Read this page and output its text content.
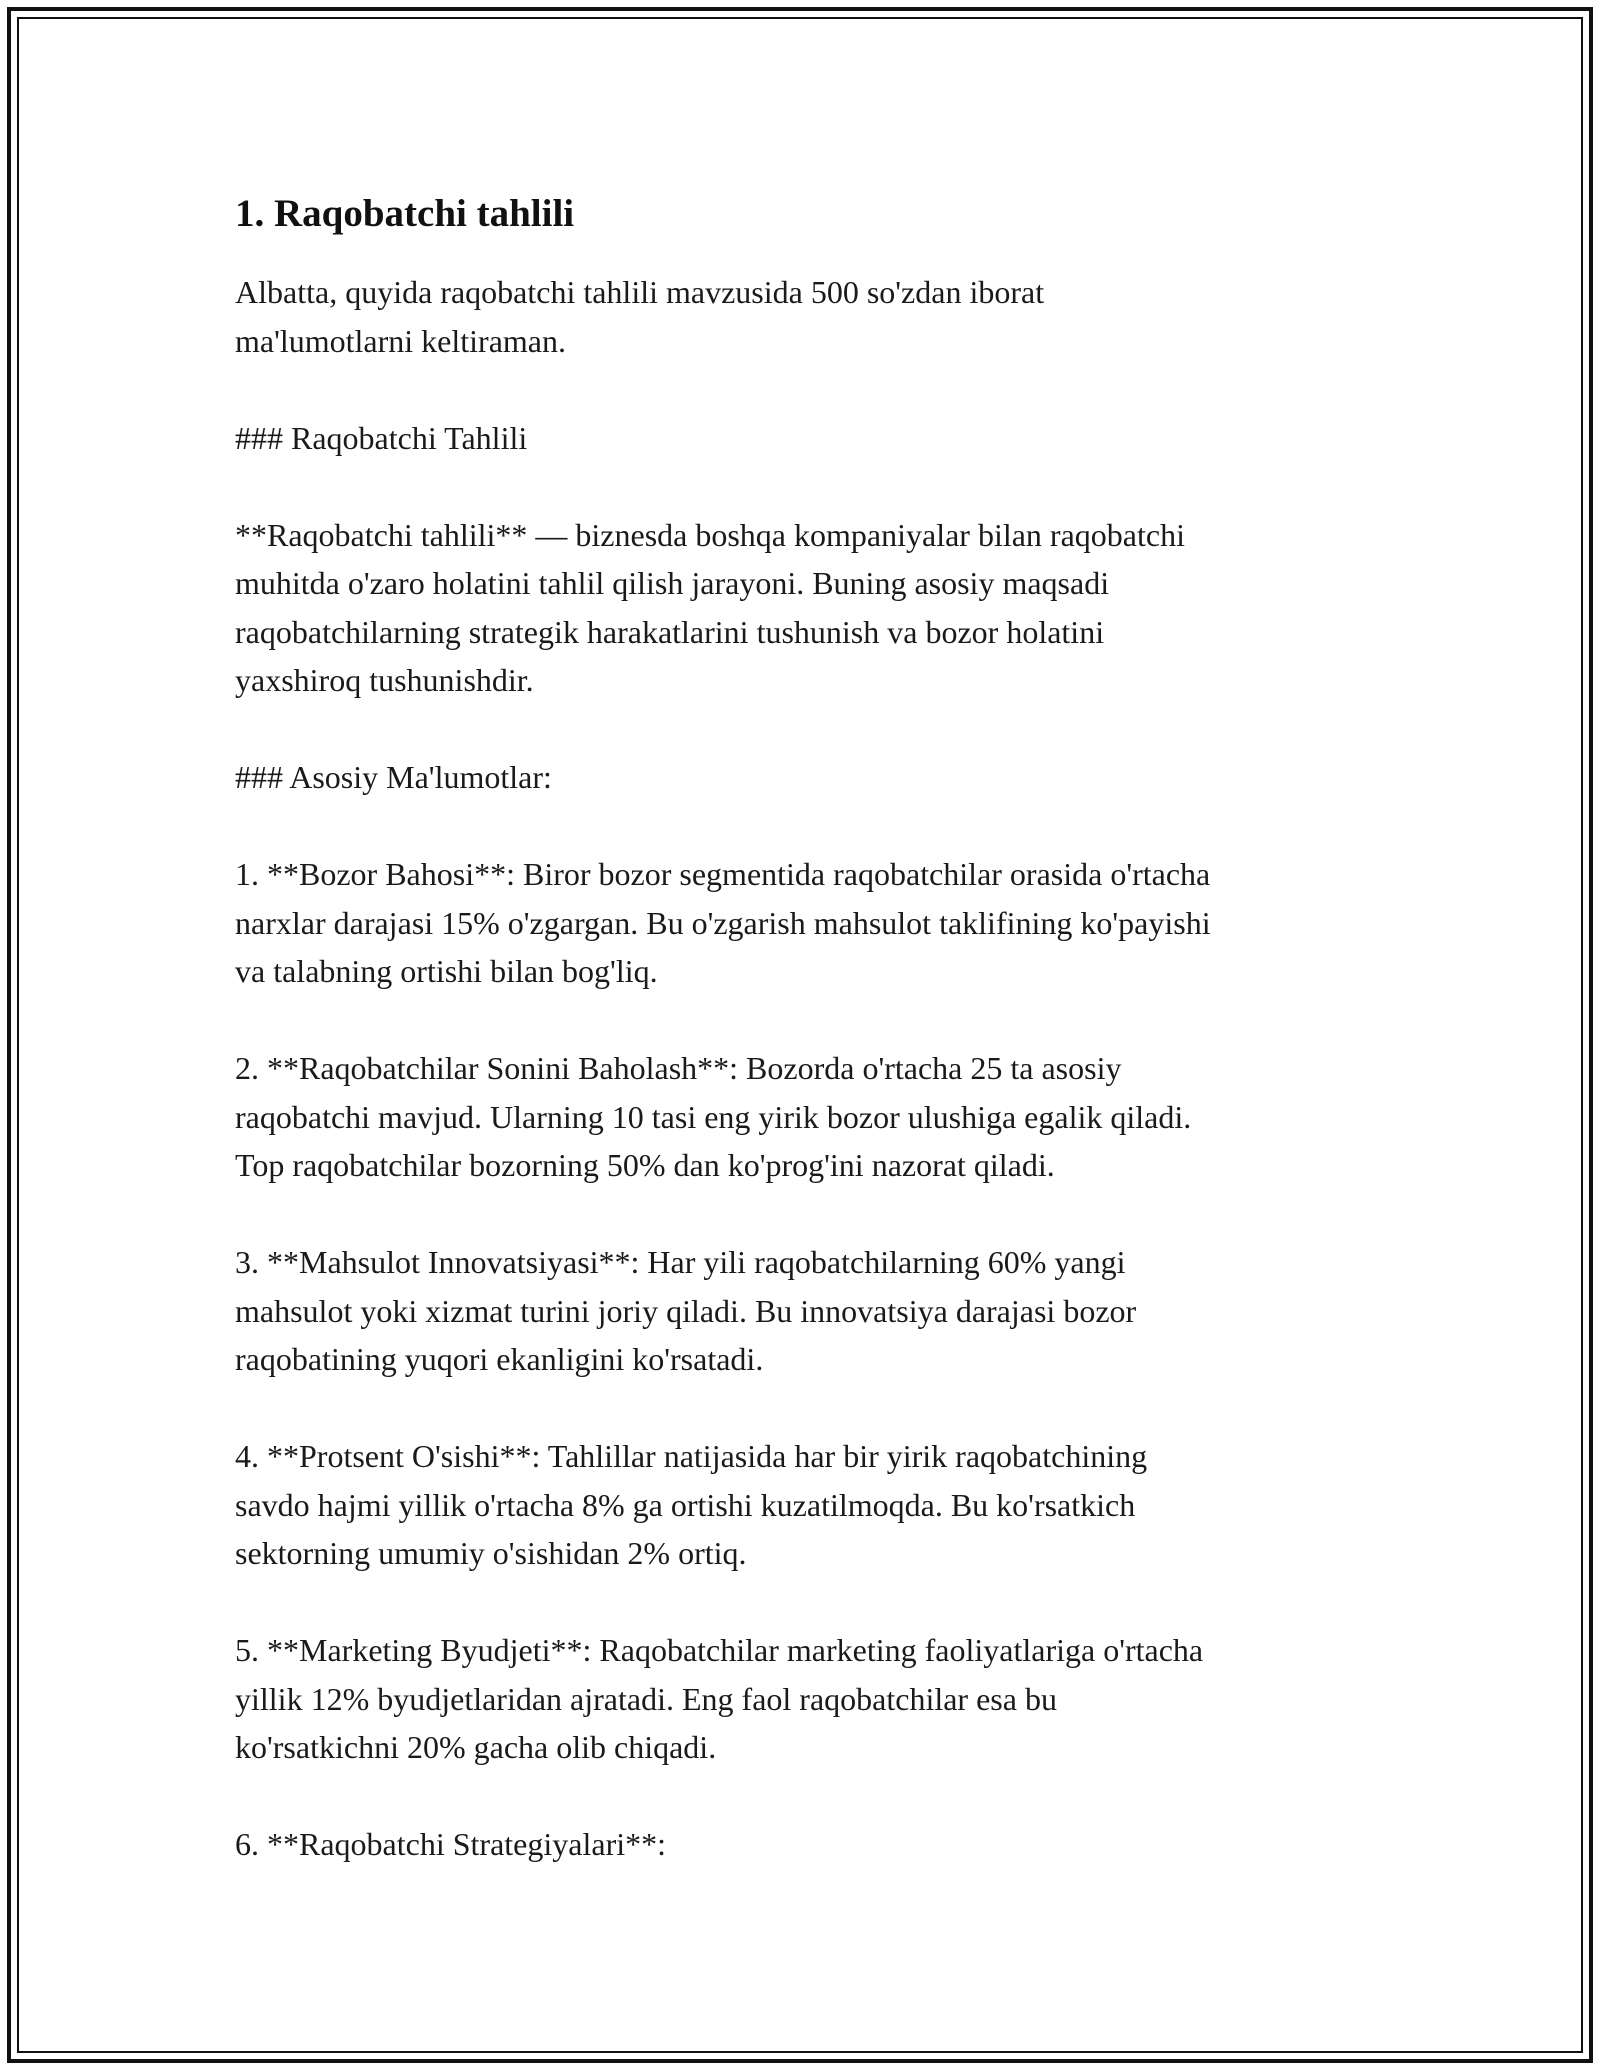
1. Raqobatchi tahlili

Albatta, quyida raqobatchi tahlili mavzusida 500 so'zdan iborat
ma'lumotlarni keltiraman.

### Raqobatchi Tahlili

**Raqobatchi tahlili** — biznesda boshqa kompaniyalar bilan raqobatchi
muhitda o'zaro holatini tahlil qilish jarayoni. Buning asosiy maqsadi
raqobatchilarning strategik harakatlarini tushunish va bozor holatini
yaxshiroq tushunishdir.

### Asosiy Ma'lumotlar:

1. **Bozor Bahosi**: Biror bozor segmentida raqobatchilar orasida o'rtacha
narxlar darajasi 15% o'zgargan. Bu o'zgarish mahsulot taklifining ko'payishi
va talabning ortishi bilan bog'liq.

2. **Raqobatchilar Sonini Baholash**: Bozorda o'rtacha 25 ta asosiy
raqobatchi mavjud. Ularning 10 tasi eng yirik bozor ulushiga egalik qiladi.
Top raqobatchilar bozorning 50% dan ko'prog'ini nazorat qiladi.

3. **Mahsulot Innovatsiyasi**: Har yili raqobatchilarning 60% yangi
mahsulot yoki xizmat turini joriy qiladi. Bu innovatsiya darajasi bozor
raqobatining yuqori ekanligini ko'rsatadi.

4. **Protsent O'sishi**: Tahlillar natijasida har bir yirik raqobatchining
savdo hajmi yillik o'rtacha 8% ga ortishi kuzatilmoqda. Bu ko'rsatkich
sektorning umumiy o'sishidan 2% ortiq.

5. **Marketing Byudjeti**: Raqobatchilar marketing faoliyatlariga o'rtacha
yillik 12% byudjetlaridan ajratadi. Eng faol raqobatchilar esa bu
ko'rsatkichni 20% gacha olib chiqadi.

6. **Raqobatchi Strategiyalari**:
